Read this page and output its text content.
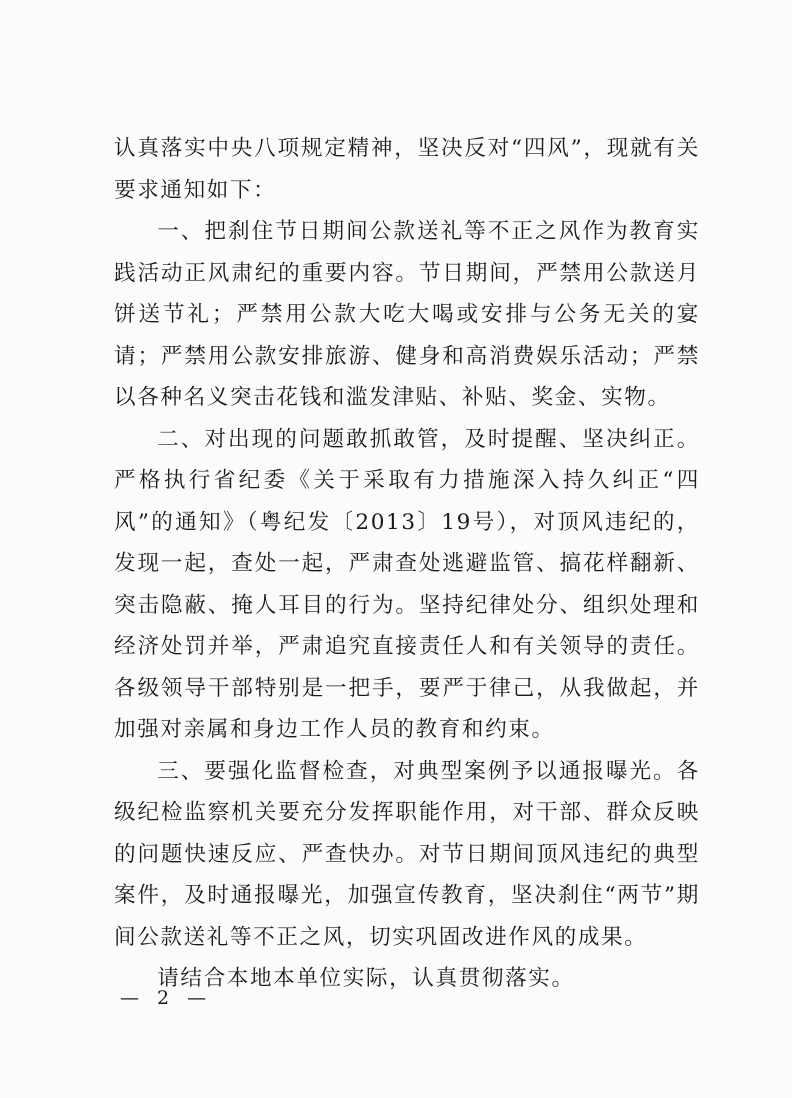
认真落实中央八项规定精神，坚决反对“四风”，现就有关要求通知如下：

一、把刹住节日期间公款送礼等不正之风作为教育实践活动正风肃纪的重要内容。节日期间，严禁用公款送月饼送节礼；严禁用公款大吃大喝或安排与公务无关的宴请；严禁用公款安排旅游、健身和高消费娱乐活动；严禁以各种名义突击花钱和滥发津贴、补贴、奖金、实物。

二、对出现的问题敢抓敢管，及时提醒、坚决纠正。严格执行省纪委《关于采取有力措施深入持久纠正“四风”的通知》（粤纪发〔2013〕19号），对顶风违纪的，发现一起，查处一起，严肃查处逃避监管、搞花样翻新、突击隐蔽、掩人耳目的行为。坚持纪律处分、组织处理和经济处罚并举，严肃追究直接责任人和有关领导的责任。各级领导干部特别是一把手，要严于律己，从我做起，并加强对亲属和身边工作人员的教育和约束。

三、要强化监督检查，对典型案例予以通报曝光。各级纪检监察机关要充分发挥职能作用，对干部、群众反映的问题快速反应、严查快办。对节日期间顶风违纪的典型案件，及时通报曝光，加强宣传教育，坚决刹住“两节”期间公款送礼等不正之风，切实巩固改进作风的成果。

请结合本地本单位实际，认真贯彻落实。

— 2 —
